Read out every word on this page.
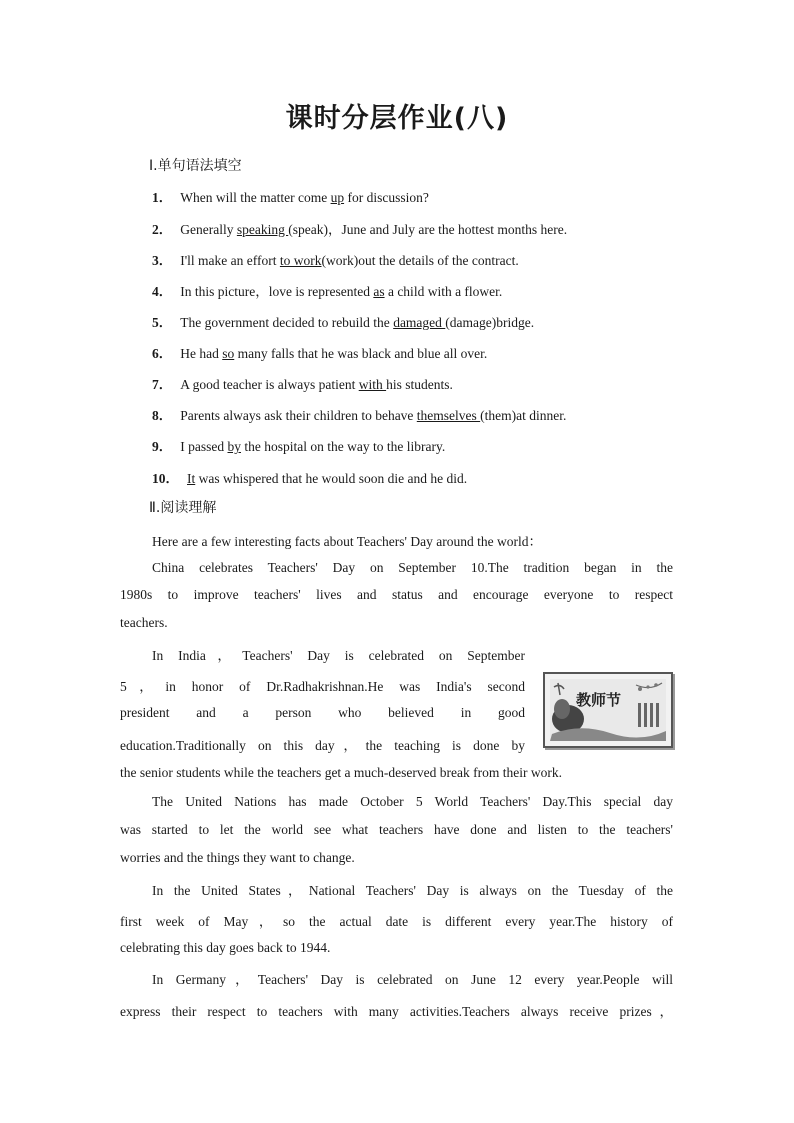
课时分层作业(八)
Ⅰ.单句语法填空
1． When will the matter come up for discussion?
2． Generally speaking (speak)，June and July are the hottest months here.
3． I'll make an effort to work(work)out the details of the contract.
4． In this picture，love is represented as a child with a flower.
5． The government decided to rebuild the damaged (damage)bridge.
6． He had so many falls that he was black and blue all over.
7． A good teacher is always patient with his students.
8． Parents always ask their children to behave themselves (them)at dinner.
9． I passed by the hospital on the way to the library.
10． It was whispered that he would soon die and he did.
Ⅱ.阅读理解
Here are a few interesting facts about Teachers' Day around the world：
China celebrates Teachers' Day on September 10.The tradition began in the
1980s to improve teachers' lives and status and encourage everyone to respect
teachers.
In India，Teachers' Day is celebrated on September
5，in honor of Dr.Radhakrishnan.He was India's second
president and a person who believed in good
education.Traditionally on this day，the teaching is done by
the senior students while the teachers get a much-deserved break from their work.
The United Nations has made October 5 World Teachers' Day.This special day
was started to let the world see what teachers have done and listen to the teachers'
worries and the things they want to change.
In the United States，National Teachers' Day is always on the Tuesday of the
first week of May，so the actual date is different every year.The history of
celebrating this day goes back to 1944.
In Germany，Teachers' Day is celebrated on June 12 every year.People will
express their respect to teachers with many activities.Teachers always receive prizes，
教师节
